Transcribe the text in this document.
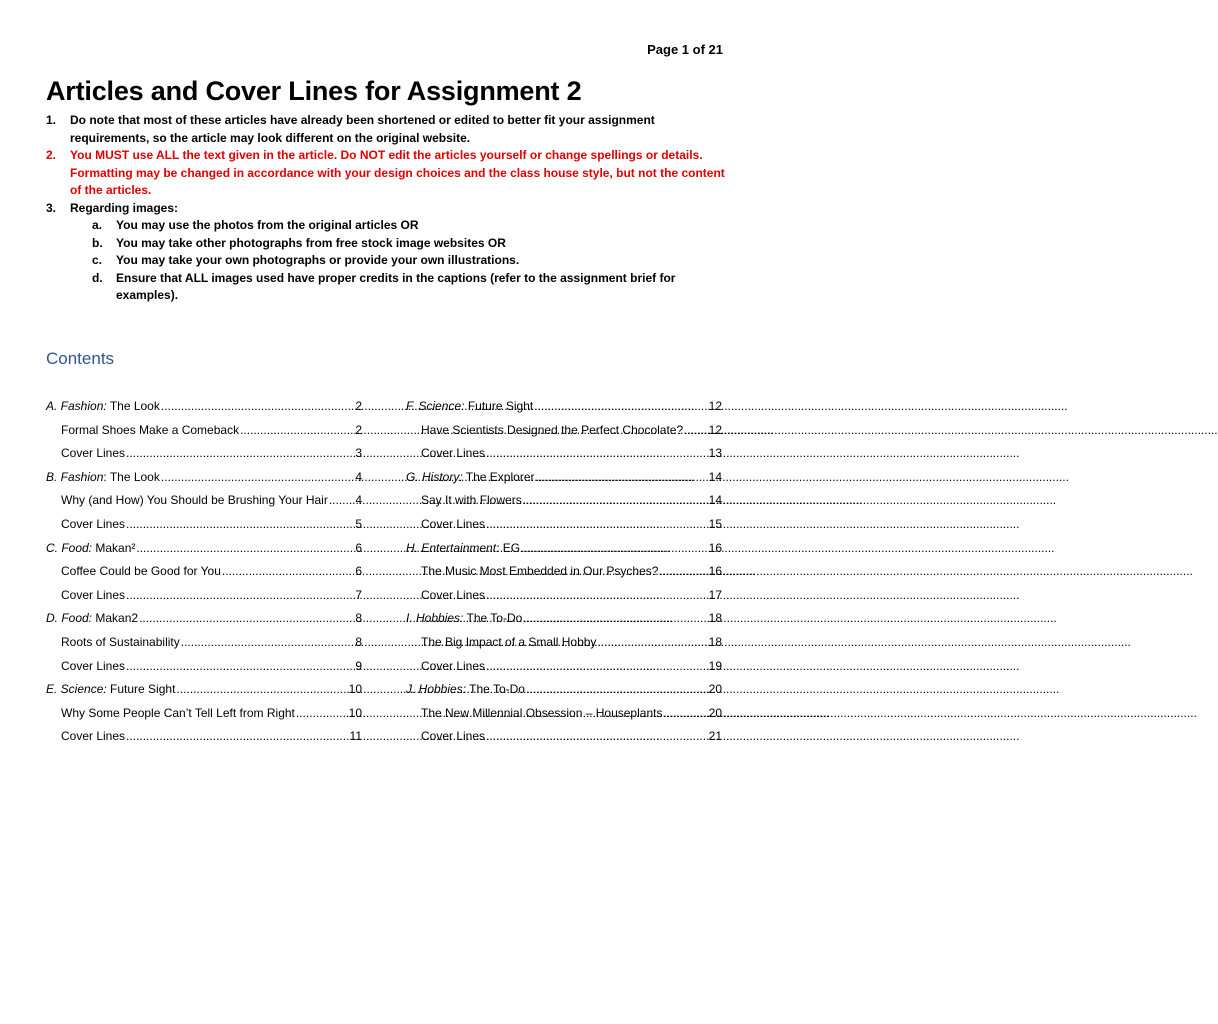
Page 1 of 21
Articles and Cover Lines for Assignment 2
1.	Do note that most of these articles have already been shortened or edited to better fit your assignment requirements, so the article may look different on the original website.
2.	You MUST use ALL the text given in the article. Do NOT edit the articles yourself or change spellings or details. Formatting may be changed in accordance with your design choices and the class house style, but not the content of the articles.
3.	Regarding images:
a.	You may use the photos from the original articles OR
b.	You may take other photographs from free stock image websites OR
c.	You may take your own photographs or provide your own illustrations.
d.	Ensure that ALL images used have proper credits in the captions (refer to the assignment brief for examples).
Contents
A. Fashion: The Look .....	2
Formal Shoes Make a Comeback .....	2
Cover Lines .....	3
B. Fashion: The Look .....	4
Why (and How) You Should be Brushing Your Hair ..... 4
Cover Lines .....	5
C. Food: Makan² .....	6
Coffee Could be Good for You .....	6
Cover Lines .....	7
D. Food: Makan2 .....	8
Roots of Sustainability .....	8
Cover Lines .....	9
E. Science: Future Sight .....	10
Why Some People Can’t Tell Left from Right .....	10
Cover Lines .....	11
F. Science: Future Sight .....	12
Have Scientists Designed the Perfect Chocolate? ..... 12
Cover Lines .....	13
G. History: The Explorer .....	14
Say It with Flowers .....	14
Cover Lines .....	15
H. Entertainment: EG .....	16
The Music Most Embedded in Our Psyches? .....	16
Cover Lines .....	17
I. Hobbies: The To-Do .....	18
The Big Impact of a Small Hobby .....	18
Cover Lines .....	19
J. Hobbies: The To-Do .....	20
The New Millennial Obsession – Houseplants .....	20
Cover Lines .....	21
